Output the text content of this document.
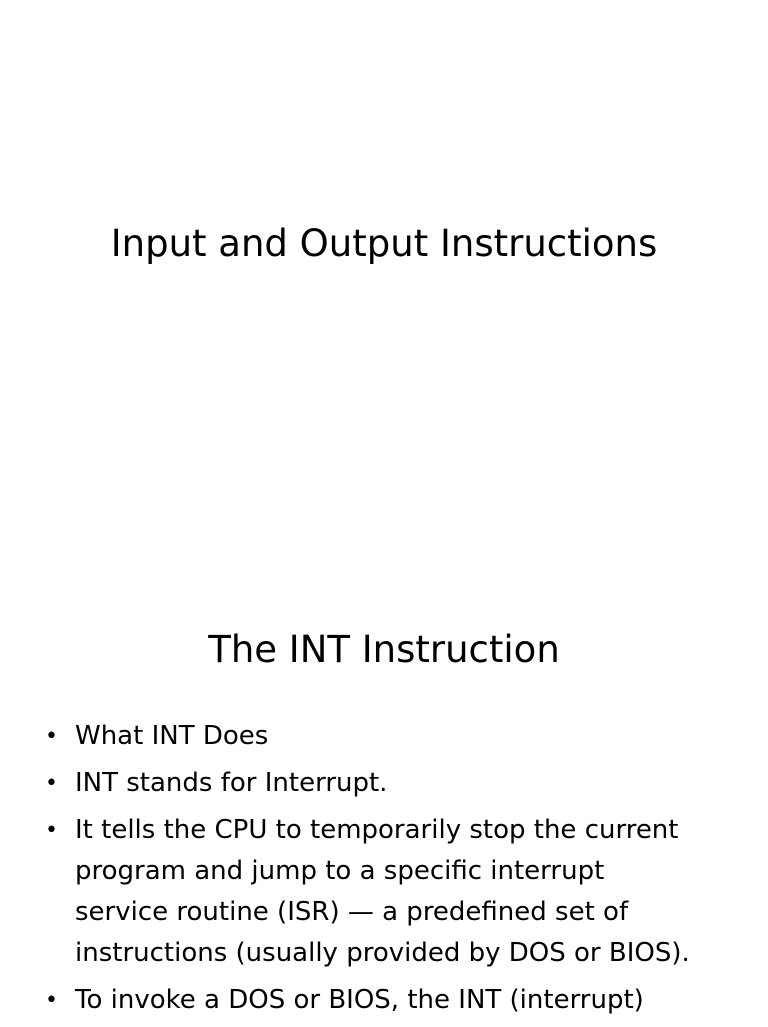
Input and Output Instructions
The INT Instruction
• What INT Does
• INT stands for Interrupt.
• It tells the CPU to temporarily stop the current
program and jump to a specific interrupt
service routine (ISR) — a predefined set of
instructions (usually provided by DOS or BIOS).
• To invoke a DOS or BIOS, the INT (interrupt)
